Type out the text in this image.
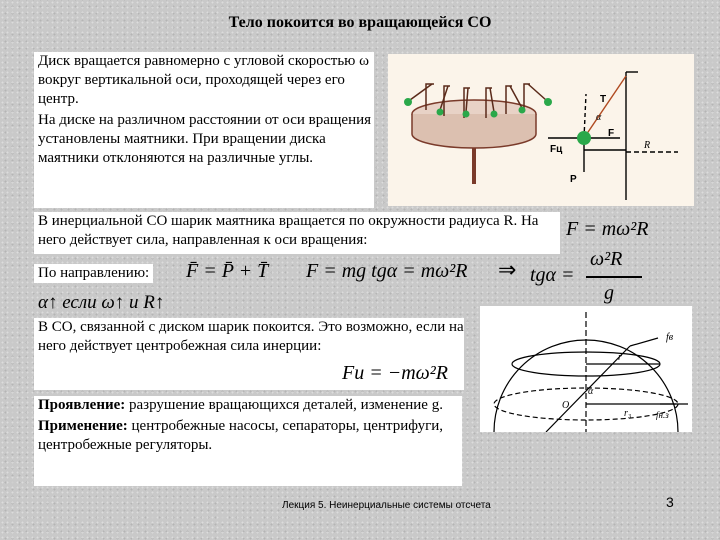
Тело покоится во вращающейся СО
Диск вращается равномерно с угловой скоростью ω вокруг вертикальной оси, проходящей через его центр.
На диске на различном расстоянии от оси вращения установлены маятники. При вращении диска маятники отклоняются на различные углы.
T
α
F
Fц
P
R
В инерциальной СО шарик маятника вращается по окружности радиуса R. На него действует сила, направленная к оси вращения:	F = mω²R
По направлению: F̄ = P̄ + T̄ F = mg tgα = mω²R ⇒ tgα =
ω²R
g
α↑ если ω↑ и R↑
В СО, связанной с диском шарик покоится. Это возможно, если на него действует центробежная сила инерции:
Fи = −mω²R
fв
r
α
O
r₃	fн.з
Проявление: разрушение вращающихся деталей, изменение g.
Применение: центробежные насосы, сепараторы, центрифуги, центробежные регуляторы.
Лекция 5. Неинерциальные системы отсчета	3
